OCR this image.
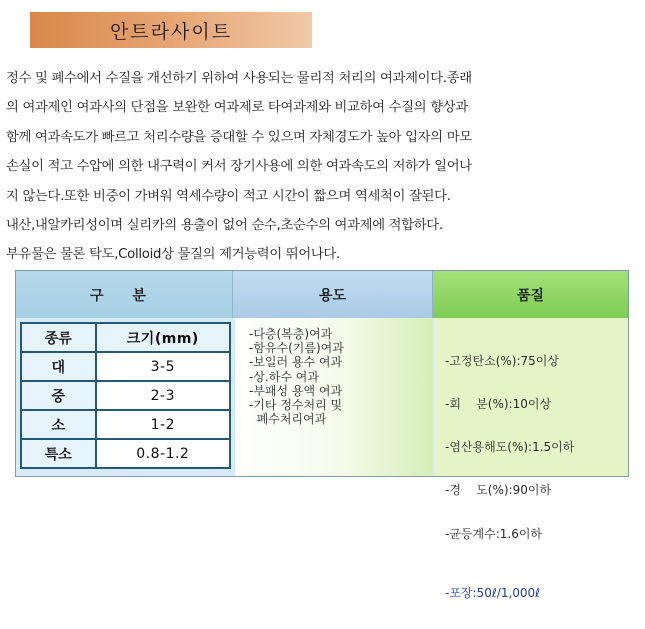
안트라사이트
정수 및 폐수에서 수질을 개선하기 위하여 사용되는 물리적 처리의 여과제이다.종래
의 여과제인 여과사의 단점을 보완한 여과제로 타여과제와 비교하여 수질의 향상과
함께 여과속도가 빠르고 처리수량을 증대할 수 있으며 자체경도가 높아 입자의 마모
손실이 적고 수압에 의한 내구력이 커서 장기사용에 의한 여과속도의 저하가 일어나
지 않는다.또한 비중이 가벼워 역세수량이 적고 시간이 짧으며 역세척이 잘된다.
내산,내알카리성이며 실리카의 용출이 없어 순수,초순수의 여과제에 적합하다.
부유물은 물론 탁도,Colloid상 물질의 제거능력이 뛰어나다.
구 분	용도	품질
종류	크기(mm)
대	3-5
중	2-3
소	1-2
특소	0.8-1.2
-다층(복층)여과
-함유수(기름)여과
-보일러 용수 여과
-상.하수 여과
-부패성 용액 여과
-기타 정수처리 및
폐수처리여과

-고정탄소(%):75이상

-회    분(%):10이상

-염산용해도(%):1.5이하

-경    도(%):90이하

-균등계수:1.6이하

-포장:50ℓ/1,000ℓ
